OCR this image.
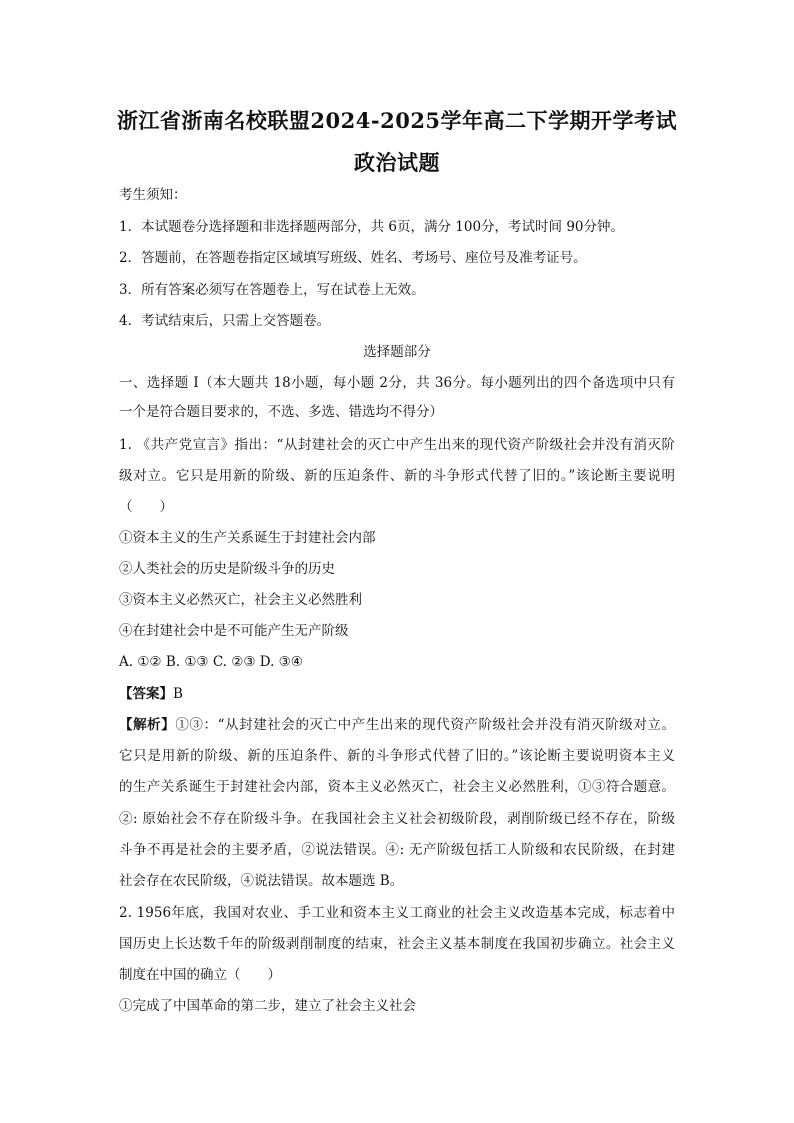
浙江省浙南名校联盟2024-2025学年高二下学期开学考试
政治试题
考生须知：
1．本试题卷分选择题和非选择题两部分，共 6页，满分 100分，考试时间 90分钟。
2．答题前，在答题卷指定区域填写班级、姓名、考场号、座位号及准考证号。
3．所有答案必须写在答题卷上，写在试卷上无效。
4．考试结束后，只需上交答题卷。
选择题部分
一、选择题 I（本大题共 18小题，每小题 2分，共 36分。每小题列出的四个备选项中只有
一个是符合题目要求的，不选、多选、错选均不得分）
1. 《共产党宣言》指出：“从封建社会的灭亡中产生出来的现代资产阶级社会并没有消灭阶
级对立。它只是用新的阶级、新的压迫条件、新的斗争形式代替了旧的。”该论断主要说明
（　　）
①资本主义的生产关系诞生于封建社会内部
②人类社会的历史是阶级斗争的历史
③资本主义必然灭亡，社会主义必然胜利
④在封建社会中是不可能产生无产阶级
A. ①② B. ①③ C. ②③ D. ③④
【答案】B
【解析】①③：“从封建社会的灭亡中产生出来的现代资产阶级社会并没有消灭阶级对立。
它只是用新的阶级、新的压迫条件、新的斗争形式代替了旧的。”该论断主要说明资本主义
的生产关系诞生于封建社会内部，资本主义必然灭亡，社会主义必然胜利，①③符合题意。
②: 原始社会不存在阶级斗争。在我国社会主义社会初级阶段，剥削阶级已经不存在，阶级
斗争不再是社会的主要矛盾，②说法错误。④: 无产阶级包括工人阶级和农民阶级，在封建
社会存在农民阶级，④说法错误。故本题选 B。
2. 1956年底，我国对农业、手工业和资本主义工商业的社会主义改造基本完成，标志着中
国历史上长达数千年的阶级剥削制度的结束，社会主义基本制度在我国初步确立。社会主义
制度在中国的确立（　　）
①完成了中国革命的第二步，建立了社会主义社会
